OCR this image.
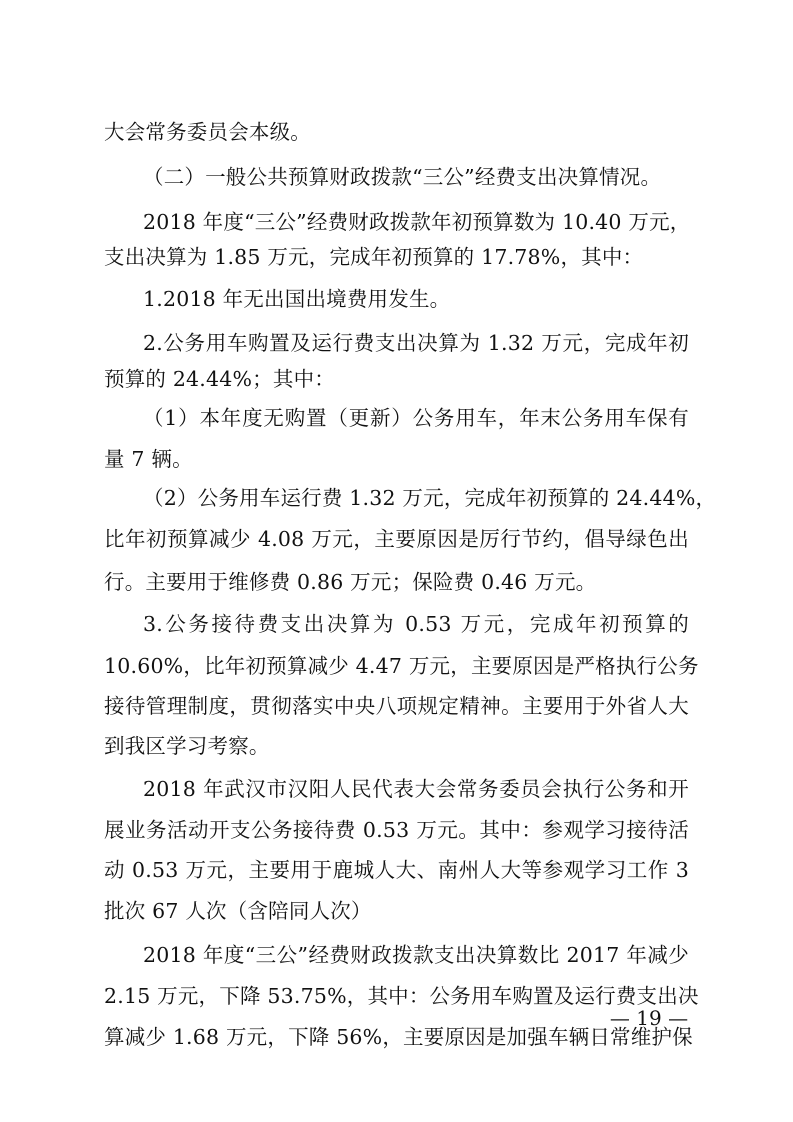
大会常务委员会本级。
（二）一般公共预算财政拨款“三公”经费支出决算情况。
2018 年度“三公”经费财政拨款年初预算数为 10.40 万元，
支出决算为 1.85 万元，完成年初预算的 17.78%，其中：
1.2018 年无出国出境费用发生。
2.公务用车购置及运行费支出决算为 1.32 万元，完成年初
预算的 24.44%；其中：
（1）本年度无购置（更新）公务用车，年末公务用车保有
量 7 辆。
（2）公务用车运行费 1.32 万元，完成年初预算的 24.44%，
比年初预算减少 4.08 万元，主要原因是厉行节约，倡导绿色出
行。主要用于维修费 0.86 万元；保险费 0.46 万元。
3.公务接待费支出决算为 0.53 万元，完成年初预算的
10.60%，比年初预算减少 4.47 万元，主要原因是严格执行公务
接待管理制度，贯彻落实中央八项规定精神。主要用于外省人大
到我区学习考察。
2018 年武汉市汉阳人民代表大会常务委员会执行公务和开
展业务活动开支公务接待费 0.53 万元。其中：参观学习接待活
动 0.53 万元，主要用于鹿城人大、南州人大等参观学习工作 3
批次 67 人次（含陪同人次）
2018 年度“三公”经费财政拨款支出决算数比 2017 年减少
2.15 万元，下降 53.75%，其中：公务用车购置及运行费支出决
算减少 1.68 万元，下降 56%，主要原因是加强车辆日常维护保
— 19 —
